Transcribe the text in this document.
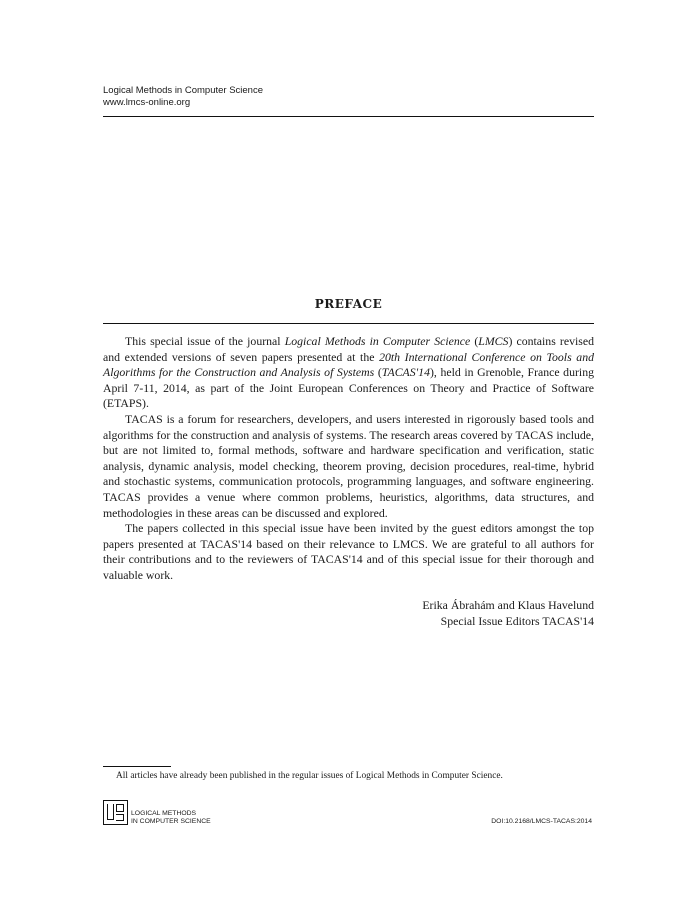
Logical Methods in Computer Science
www.lmcs-online.org
PREFACE

This special issue of the journal Logical Methods in Computer Science (LMCS) contains revised and extended versions of seven papers presented at the 20th International Conference on Tools and Algorithms for the Construction and Analysis of Systems (TACAS'14), held in Grenoble, France during April 7-11, 2014, as part of the Joint European Conferences on Theory and Practice of Software (ETAPS).

TACAS is a forum for researchers, developers, and users interested in rigorously based tools and algorithms for the construction and analysis of systems. The research areas covered by TACAS include, but are not limited to, formal methods, software and hardware specification and verification, static analysis, dynamic analysis, model checking, theorem proving, decision procedures, real-time, hybrid and stochastic systems, communication protocols, programming languages, and software engineering. TACAS provides a venue where common problems, heuristics, algorithms, data structures, and methodologies in these areas can be discussed and explored.

The papers collected in this special issue have been invited by the guest editors amongst the top papers presented at TACAS'14 based on their relevance to LMCS. We are grateful to all authors for their contributions and to the reviewers of TACAS'14 and of this special issue for their thorough and valuable work.

Erika Ábrahám and Klaus Havelund
Special Issue Editors TACAS'14
All articles have already been published in the regular issues of Logical Methods in Computer Science.
LOGICAL METHODS
IN COMPUTER SCIENCE	DOI:10.2168/LMCS-TACAS:2014
